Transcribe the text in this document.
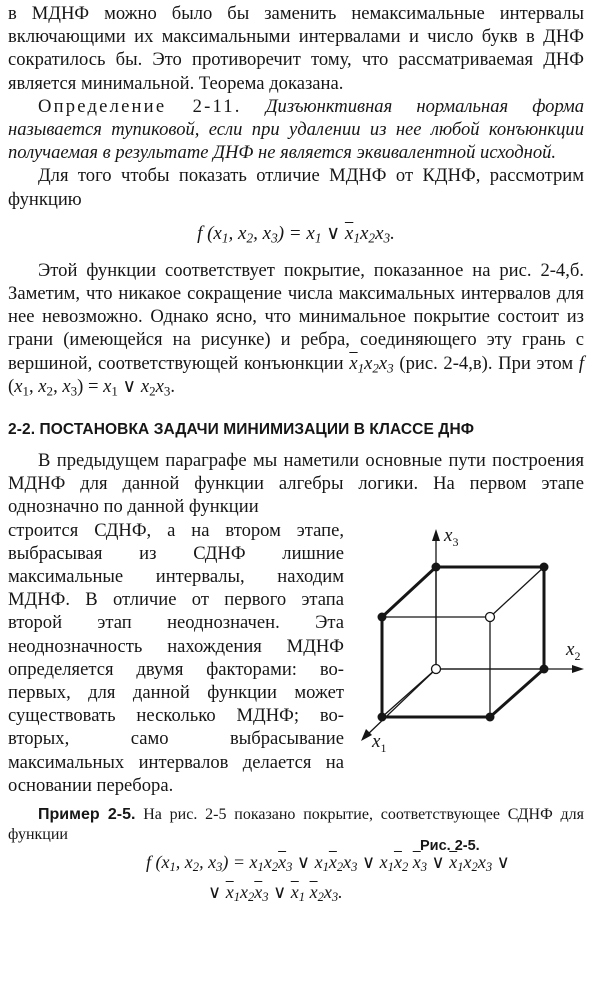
в МДНФ можно было бы заменить немаксимальные интервалы включающими их максимальными интервалами и число букв в ДНФ сократилось бы. Это противоречит тому, что рассматриваемая ДНФ является минимальной. Теорема доказана.

Определение 2-11. Дизъюнктивная нормальная форма называется тупиковой, если при удалении из нее любой конъюнкции получаемая в результате ДНФ не является эквивалентной исходной.

Для того чтобы показать отличие МДНФ от КДНФ, рассмотрим функцию

f ($x_1$, $x_2$, $x_3) = x_1$ ∨ $\overline{x}_1x_2x_3$.

Этой функции соответствует покрытие, показанное на рис. 2-4,б. Заметим, что никакое сокращение числа максимальных интервалов для нее невозможно. Однако ясно, что минимальное покрытие состоит из грани (имеющейся на рисунке) и ребра, соединяющего эту грань с вершиной, соответствующей конъюнкции $\overline{x}_1x_2x_3$ (рис. 2-4,в). При этом f ($x_1$, $x_2$, $x_3) = x_1$ ∨ $x_2x_3$.

2-2. ПОСТАНОВКА ЗАДАЧИ МИНИМИЗАЦИИ В КЛАССЕ ДНФ

В предыдущем параграфе мы наметили основные пути построения МДНФ для данной функции алгебры логики. На первом этапе однозначно по данной функции

строится СДНФ, а на втором этапе, выбрасывая из СДНФ лишние максимальные интервалы, находим МДНФ. В отличие от первого этапа второй этап неоднозначен. Эта неоднозначность нахождения МДНФ определяется двумя факторами: во-первых, для данной функции может существовать несколько МДНФ; во-вторых, само выбрасывание максимальных интервалов делается на основании перебора.

$x_3$
$x_2$
$x_1$

Пример 2-5. На рис. 2-5 показано покрытие, соответствующее СДНФ для функции

f ($x_1$, $x_2$, $x_3) = x_1x_2\overline{x}_3$ ∨ $x_1\overline{x}_2x_3$ ∨ $x_1\overline{x}_2$ $\overline{x}_3$ ∨ $\overline{x}_1x_2x_3$ ∨
∨ $\overline{x}_1x_2\overline{x}_3$ ∨ $\overline{x}_1$ $\overline{x}_2x_3$.
Рис. 2-5.
